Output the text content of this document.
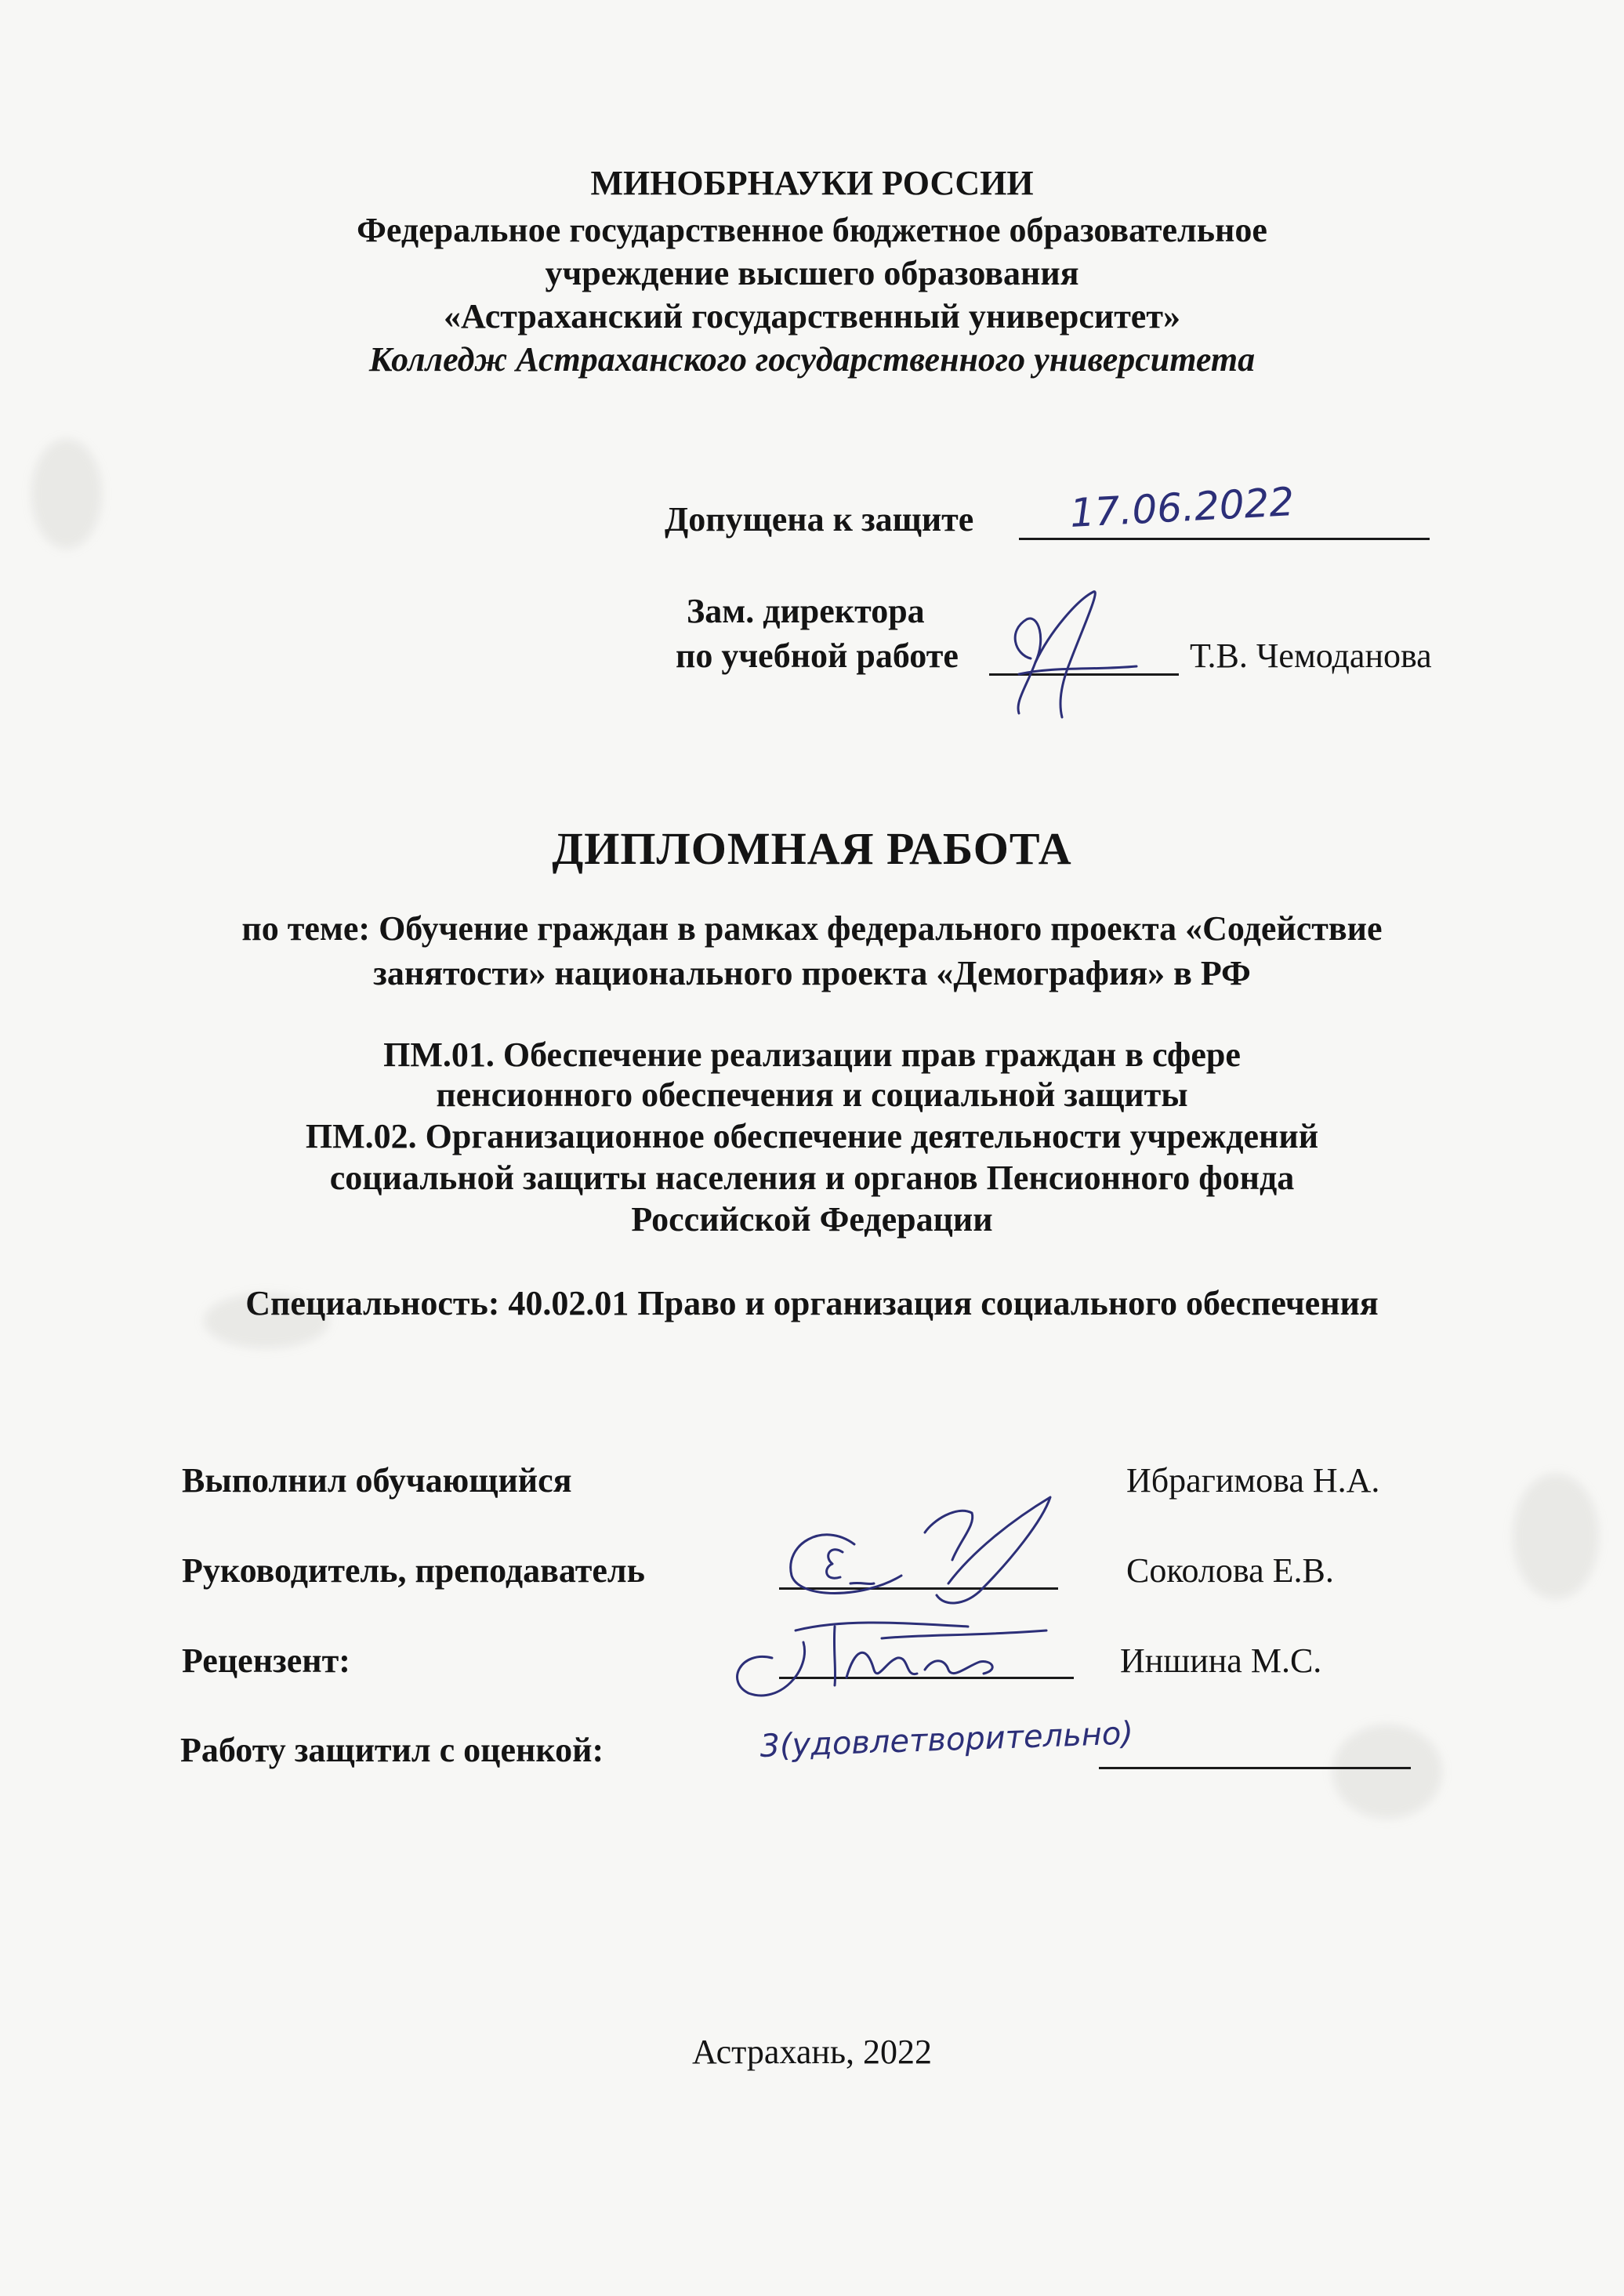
МИНОБРНАУКИ РОССИИ
Федеральное государственное бюджетное образовательное
учреждение высшего образования
«Астраханский государственный университет»
Колледж Астраханского государственного университета
Допущена к защите 17.06.2022
Зам. директора
по учебной работе	Т.В. Чемоданова
ДИПЛОМНАЯ РАБОТА
по теме: Обучение граждан в рамках федерального проекта «Содействие
занятости» национального проекта «Демография» в РФ
ПМ.01. Обеспечение реализации прав граждан в сфере
пенсионного обеспечения и социальной защиты
ПМ.02. Организационное обеспечение деятельности учреждений
социальной защиты населения и органов Пенсионного фонда
Российской Федерации
Специальность: 40.02.01 Право и организация социального обеспечения
Выполнил обучающийся	Ибрагимова Н.А.
Руководитель, преподаватель	Соколова Е.В.
Рецензент:	Иншина М.С.
Работу защитил с оценкой:	3(удовлетворительно)
Астрахань, 2022
